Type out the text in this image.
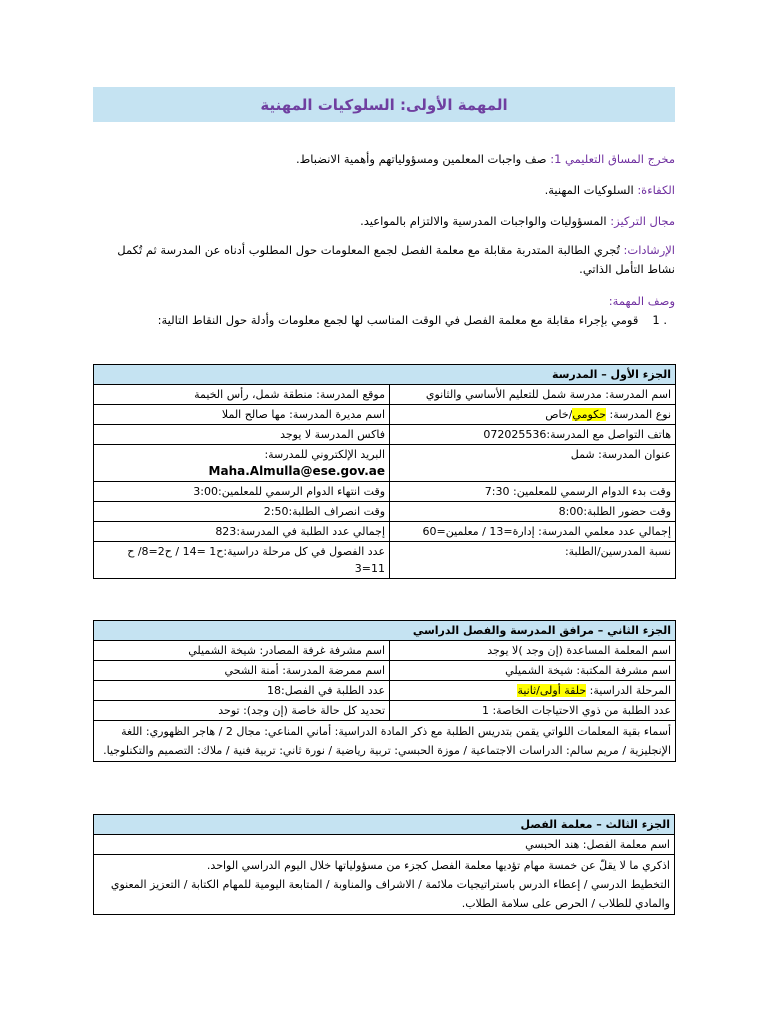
المهمة الأولى: السلوكيات المهنية
مخرج المساق التعليمي 1: صف واجبات المعلمين ومسؤولياتهم وأهمية الانضباط.
الكفاءة: السلوكيات المهنية.
مجال التركيز: المسؤوليات والواجبات المدرسية والالتزام بالمواعيد.
الإرشادات: تُجري الطالبة المتدربة مقابلة مع معلمة الفصل لجمع المعلومات حول المطلوب أدناه عن المدرسة ثم تُكمل نشاط التأمل الذاتي.
وصف المهمة:
1 .
قومي بإجراء مقابلة مع معلمة الفصل في الوقت المناسب لها لجمع معلومات وأدلة حول النقاط التالية:
الجزء الأول – المدرسة	
اسم المدرسة: مدرسة شمل للتعليم الأساسي والثانوي	موقع المدرسة: منطقة شمل، رأس الخيمة
نوع المدرسة: حكومي/خاص	اسم مديرة المدرسة: مها صالح الملا
هاتف التواصل مع المدرسة:072025536	فاكس المدرسة لا يوجد
عنوان المدرسة: شمل	البريد الإلكتروني للمدرسة:
Maha.Almulla@ese.gov.ae

وقت بدء الدوام الرسمي للمعلمين: 7:30	وقت انتهاء الدوام الرسمي للمعلمين:3:00
وقت حضور الطلبة:8:00	وقت انصراف الطلبة:2:50
إجمالي عدد معلمي المدرسة: إدارة=13 / معلمين=60	إجمالي عدد الطلبة في المدرسة:823
نسبة المدرسين/الطلبة:	عدد الفصول في كل مرحلة دراسية:ح1 =14 / ح2=8/ ح 11=3
الجزء الثاني – مرافق المدرسة والفصل الدراسي	
اسم المعلمة المساعدة (إن وجد )لا يوجد	اسم مشرفة غرفة المصادر: شيخة الشميلي
اسم مشرفة المكتبة: شيخة الشميلي	اسم ممرضة المدرسة: أمنة الشحي
المرحلة الدراسية: حلقة أولى/ثانية	عدد الطلبة في الفصل:18
عدد الطلبة من ذوي الاحتياجات الخاصة: 1	تحديد كل حالة خاصة (إن وجد): توحد
أسماء بقية المعلمات اللواتي يقمن بتدريس الطلبة مع ذكر المادة الدراسية: أماني المناعي: مجال 2 / هاجر الظهوري: اللغة الإنجليزية / مريم سالم: الدراسات الاجتماعية / موزة الحبسي: تربية رياضية / نورة ثاني: تربية فنية / ملاك: التصميم والتكنلوجيا.	
الجزء الثالث – معلمة الفصل
اسم معلمة الفصل: هند الحبسي

اذكري ما لا يقلّ عن خمسة مهام تؤديها معلمة الفصل كجزء من مسؤولياتها خلال اليوم الدراسي الواحد.
التخطيط الدرسي / إعطاء الدرس باستراتيجيات ملائمة / الاشراف والمناوبة / المتابعة اليومية للمهام الكتابة / التعزيز المعنوي والمادي للطلاب / الحرص على سلامة الطلاب.
